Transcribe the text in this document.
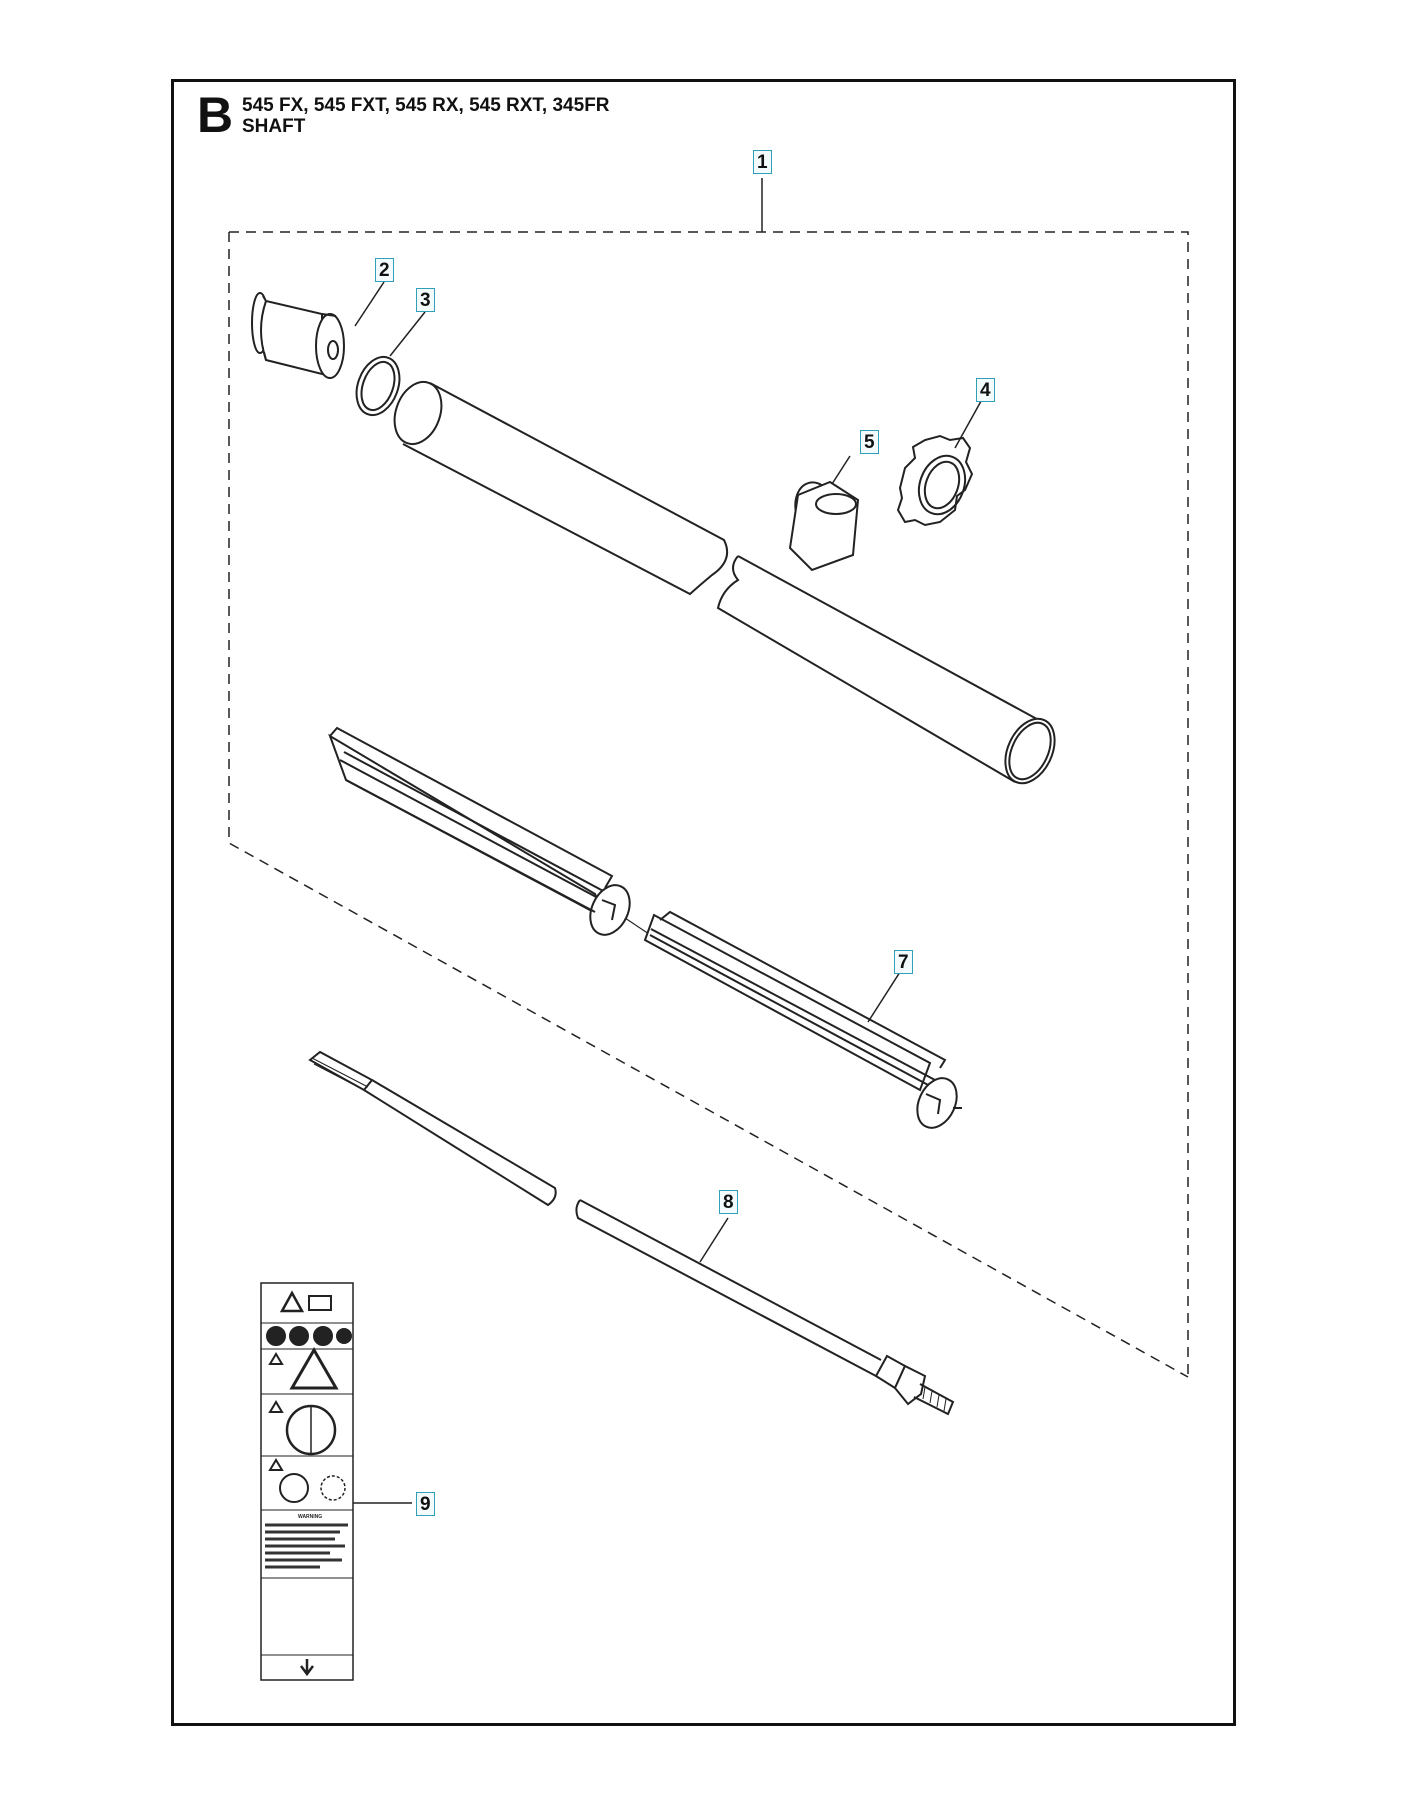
B 545 FX, 545 FXT, 545 RX, 545 RXT, 345FR
SHAFT
WARNING
1
2
3
4
5
7
8
9
